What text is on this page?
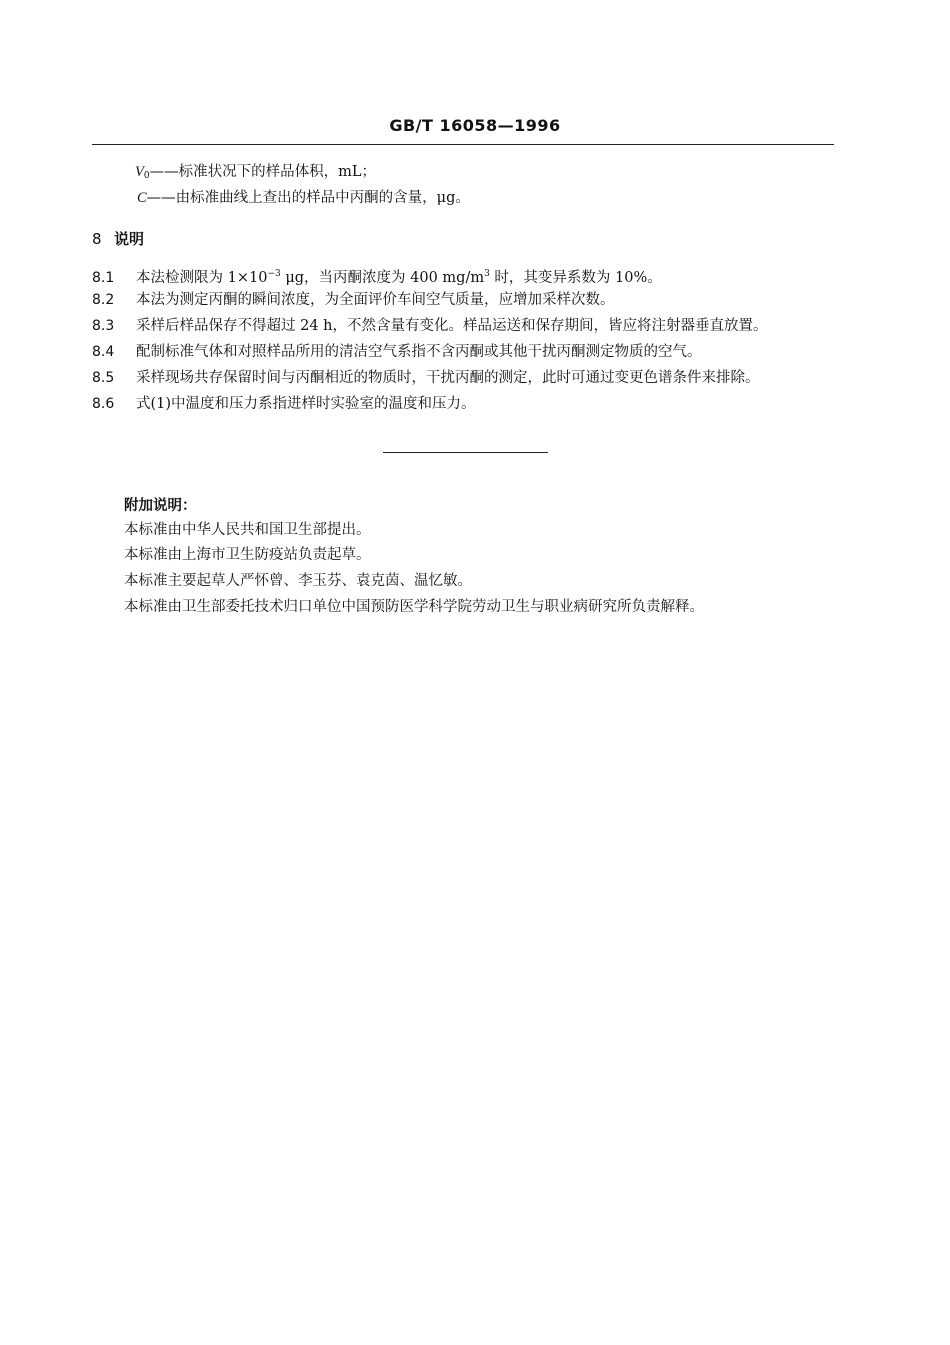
GB/T 16058—1996
$V_0——$标准状况下的样品体积，mL；
C——由标准曲线上查出的样品中丙酮的含量，μg。
8 说明
8.1 本法检测限为 $1\times 10^{-3}$ μg，当丙酮浓度为 400 $mg/m^3$ 时，其变异系数为 10%。
8.2 本法为测定丙酮的瞬间浓度，为全面评价车间空气质量，应增加采样次数。
8.3 采样后样品保存不得超过 24 h，不然含量有变化。样品运送和保存期间，皆应将注射器垂直放置。
8.4 配制标准气体和对照样品所用的清洁空气系指不含丙酮或其他干扰丙酮测定物质的空气。
8.5 采样现场共存保留时间与丙酮相近的物质时，干扰丙酮的测定，此时可通过变更色谱条件来排除。
8.6 式(1)中温度和压力系指进样时实验室的温度和压力。
附加说明：
本标准由中华人民共和国卫生部提出。
本标准由上海市卫生防疫站负责起草。
本标准主要起草人严怀曾、李玉芬、袁克茵、温忆敏。
本标准由卫生部委托技术归口单位中国预防医学科学院劳动卫生与职业病研究所负责解释。
